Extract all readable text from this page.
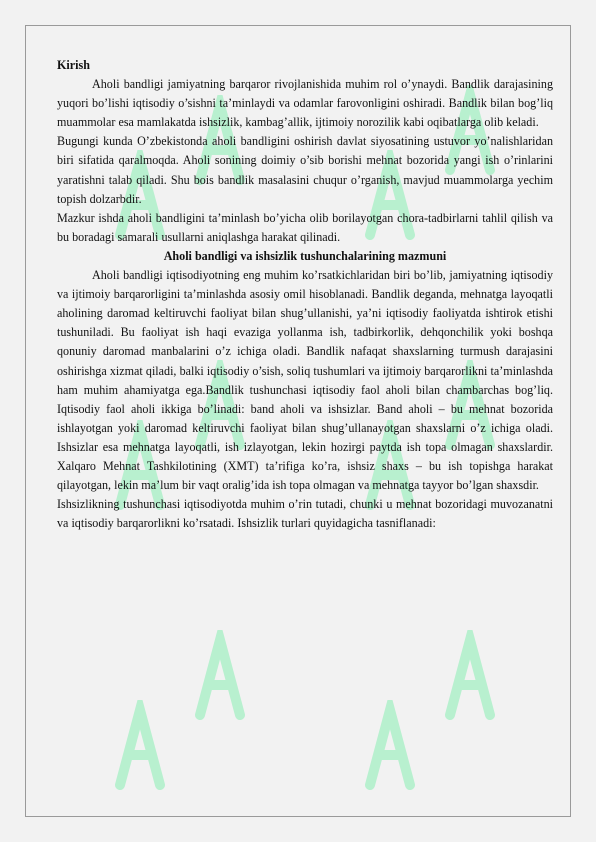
Kirish

Aholi bandligi jamiyatning barqaror rivojlanishida muhim rol o’ynaydi. Bandlik darajasining yuqori bo’lishi iqtisodiy o’sishni ta’minlaydi va odamlar farovonligini oshiradi. Bandlik bilan bog’liq muammolar esa mamlakatda ishsizlik, kambag’allik, ijtimoiy norozilik kabi oqibatlarga olib keladi.

Bugungi kunda O’zbekistonda aholi bandligini oshirish davlat siyosatining ustuvor yo’nalishlaridan biri sifatida qaralmoqda. Aholi sonining doimiy o’sib borishi mehnat bozorida yangi ish o’rinlarini yaratishni talab qiladi. Shu bois bandlik masalasini chuqur o’rganish, mavjud muammolarga yechim topish dolzarbdir.

Mazkur ishda aholi bandligini ta’minlash bo’yicha olib borilayotgan chora-tadbirlarni tahlil qilish va bu boradagi samarali usullarni aniqlashga harakat qilinadi.

Aholi bandligi va ishsizlik tushunchalarining mazmuni

Aholi bandligi iqtisodiyotning eng muhim ko’rsatkichlaridan biri bo’lib, jamiyatning iqtisodiy va ijtimoiy barqarorligini ta’minlashda asosiy omil hisoblanadi. Bandlik deganda, mehnatga layoqatli aholining daromad keltiruvchi faoliyat bilan shug’ullanishi, ya’ni iqtisodiy faoliyatda ishtirok etishi tushuniladi. Bu faoliyat ish haqi evaziga yollanma ish, tadbirkorlik, dehqonchilik yoki boshqa qonuniy daromad manbalarini o’z ichiga oladi. Bandlik nafaqat shaxslarning turmush darajasini oshirishga xizmat qiladi, balki iqtisodiy o’sish, soliq tushumlari va ijtimoiy barqarorlikni ta’minlashda ham muhim ahamiyatga ega.Bandlik tushunchasi iqtisodiy faol aholi bilan chambarchas bog’liq. Iqtisodiy faol aholi ikkiga bo’linadi: band aholi va ishsizlar. Band aholi – bu mehnat bozorida ishlayotgan yoki daromad keltiruvchi faoliyat bilan shug’ullanayotgan shaxslarni o’z ichiga oladi. Ishsizlar esa mehnatga layoqatli, ish izlayotgan, lekin hozirgi paytda ish topa olmagan shaxslardir. Xalqaro Mehnat Tashkilotining (XMT) ta’rifiga ko’ra, ishsiz shaxs – bu ish topishga harakat qilayotgan, lekin ma’lum bir vaqt oralig’ida ish topa olmagan va mehnatga tayyor bo’lgan shaxsdir.

Ishsizlikning tushunchasi iqtisodiyotda muhim o’rin tutadi, chunki u mehnat bozoridagi muvozanatni va iqtisodiy barqarorlikni ko’rsatadi. Ishsizlik turlari quyidagicha tasniflanadi:
